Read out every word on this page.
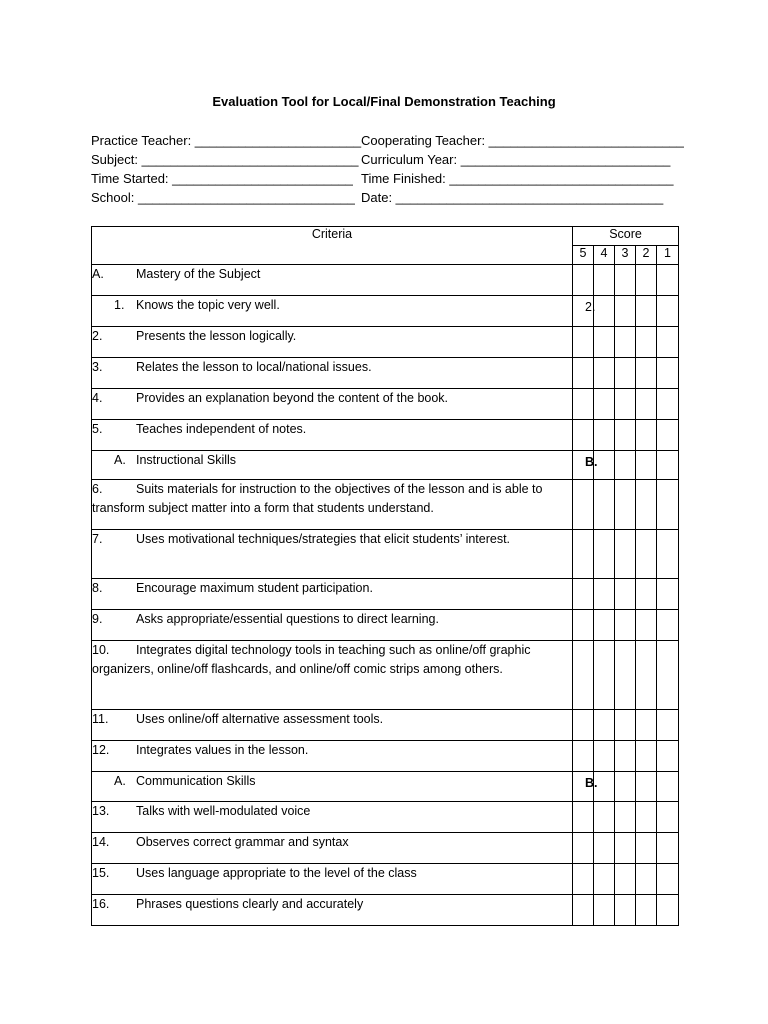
Evaluation Tool for Local/Final Demonstration Teaching
Practice Teacher: _______________________ Cooperating Teacher: ___________________________
Subject: ______________________________ Curriculum Year: _____________________________
Time Started: _________________________ Time Finished: _______________________________
School: ______________________________ Date: _____________________________________
Criteria	Score				
	5	4	3	2	1
A. Mastery of the Subject					
1. Knows the topic very well.	2.				

2. Presents the lesson logically.					
3. Relates the lesson to local/national issues.					
4. Provides an explanation beyond the content of the book.					
5. Teaches independent of notes.					
A. Instructional Skills	B.				

6. Suits materials for instruction to the objectives of the lesson and is able to transform subject matter into a form that students understand.					
7. Uses motivational techniques/strategies that elicit students’ interest.					
8. Encourage maximum student participation.					
9. Asks appropriate/essential questions to direct learning.					
10. Integrates digital technology tools in teaching such as online/off graphic organizers, online/off flashcards, and online/off comic strips among others.					
11. Uses online/off alternative assessment tools.					
12. Integrates values in the lesson.					
A. Communication Skills	B.				

13. Talks with well-modulated voice					
14. Observes correct grammar and syntax					
15. Uses language appropriate to the level of the class					
16. Phrases questions clearly and accurately					
